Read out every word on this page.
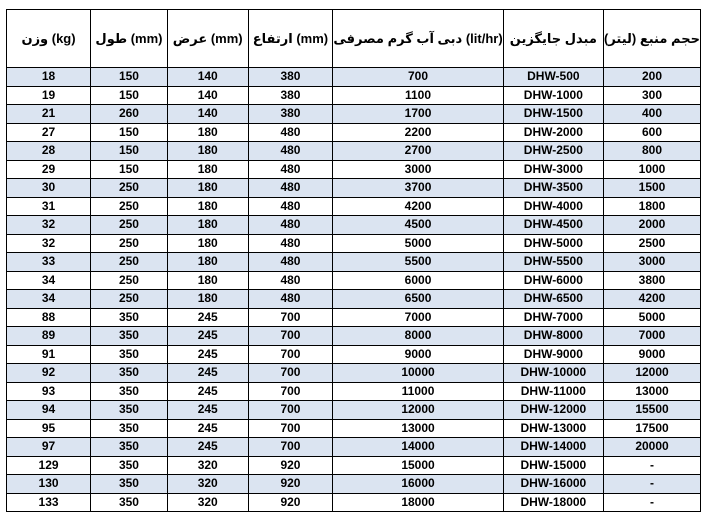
وزن (kg)	طول (mm)	عرض (mm)	ارتفاع (mm)	دبی آب گرم مصرفی (lit/hr)	مبدل جایگزین	حجم منبع (لیتر)
18	150	140	380	700	DHW-500	200
19	150	140	380	1100	DHW-1000	300
21	260	140	380	1700	DHW-1500	400
27	150	180	480	2200	DHW-2000	600
28	150	180	480	2700	DHW-2500	800
29	150	180	480	3000	DHW-3000	1000
30	250	180	480	3700	DHW-3500	1500
31	250	180	480	4200	DHW-4000	1800
32	250	180	480	4500	DHW-4500	2000
32	250	180	480	5000	DHW-5000	2500
33	250	180	480	5500	DHW-5500	3000
34	250	180	480	6000	DHW-6000	3800
34	250	180	480	6500	DHW-6500	4200
88	350	245	700	7000	DHW-7000	5000
89	350	245	700	8000	DHW-8000	7000
91	350	245	700	9000	DHW-9000	9000
92	350	245	700	10000	DHW-10000	12000
93	350	245	700	11000	DHW-11000	13000
94	350	245	700	12000	DHW-12000	15500
95	350	245	700	13000	DHW-13000	17500
97	350	245	700	14000	DHW-14000	20000
129	350	320	920	15000	DHW-15000	-
130	350	320	920	16000	DHW-16000	-
133	350	320	920	18000	DHW-18000	-
